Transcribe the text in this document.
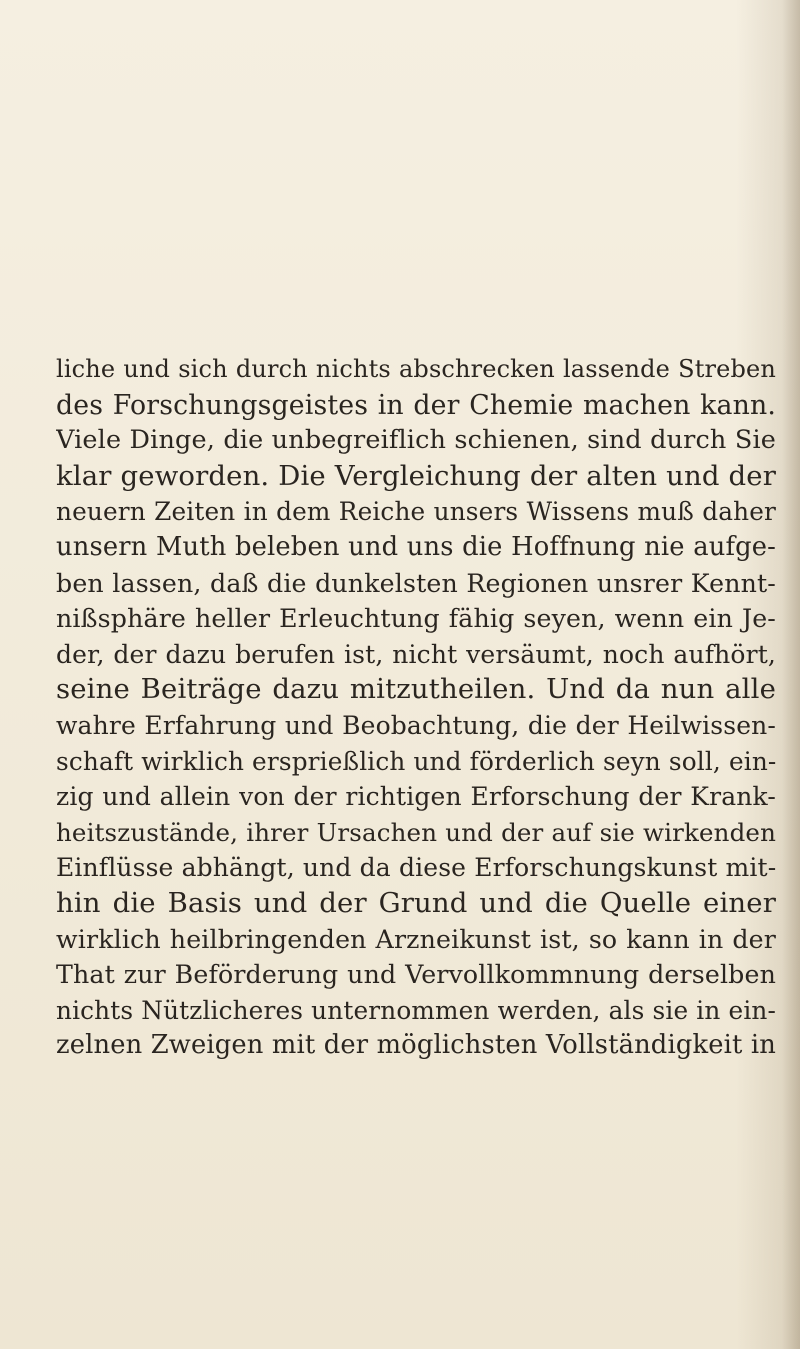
liche und sich durch nichts abschrecken lassende Streben
des Forschungsgeistes in der Chemie machen kann.
Viele Dinge, die unbegreiflich schienen, sind durch Sie
klar geworden. Die Vergleichung der alten und der
neuern Zeiten in dem Reiche unsers Wissens muß daher
unsern Muth beleben und uns die Hoffnung nie aufge-
ben lassen, daß die dunkelsten Regionen unsrer Kennt-
nißsphäre heller Erleuchtung fähig seyen, wenn ein Je-
der, der dazu berufen ist, nicht versäumt, noch aufhört,
seine Beiträge dazu mitzutheilen. Und da nun alle
wahre Erfahrung und Beobachtung, die der Heilwissen-
schaft wirklich ersprießlich und förderlich seyn soll, ein-
zig und allein von der richtigen Erforschung der Krank-
heitszustände, ihrer Ursachen und der auf sie wirkenden
Einflüsse abhängt, und da diese Erforschungskunst mit-
hin die Basis und der Grund und die Quelle einer
wirklich heilbringenden Arzneikunst ist, so kann in der
That zur Beförderung und Vervollkommnung derselben
nichts Nützlicheres unternommen werden, als sie in ein-
zelnen Zweigen mit der möglichsten Vollständigkeit in
